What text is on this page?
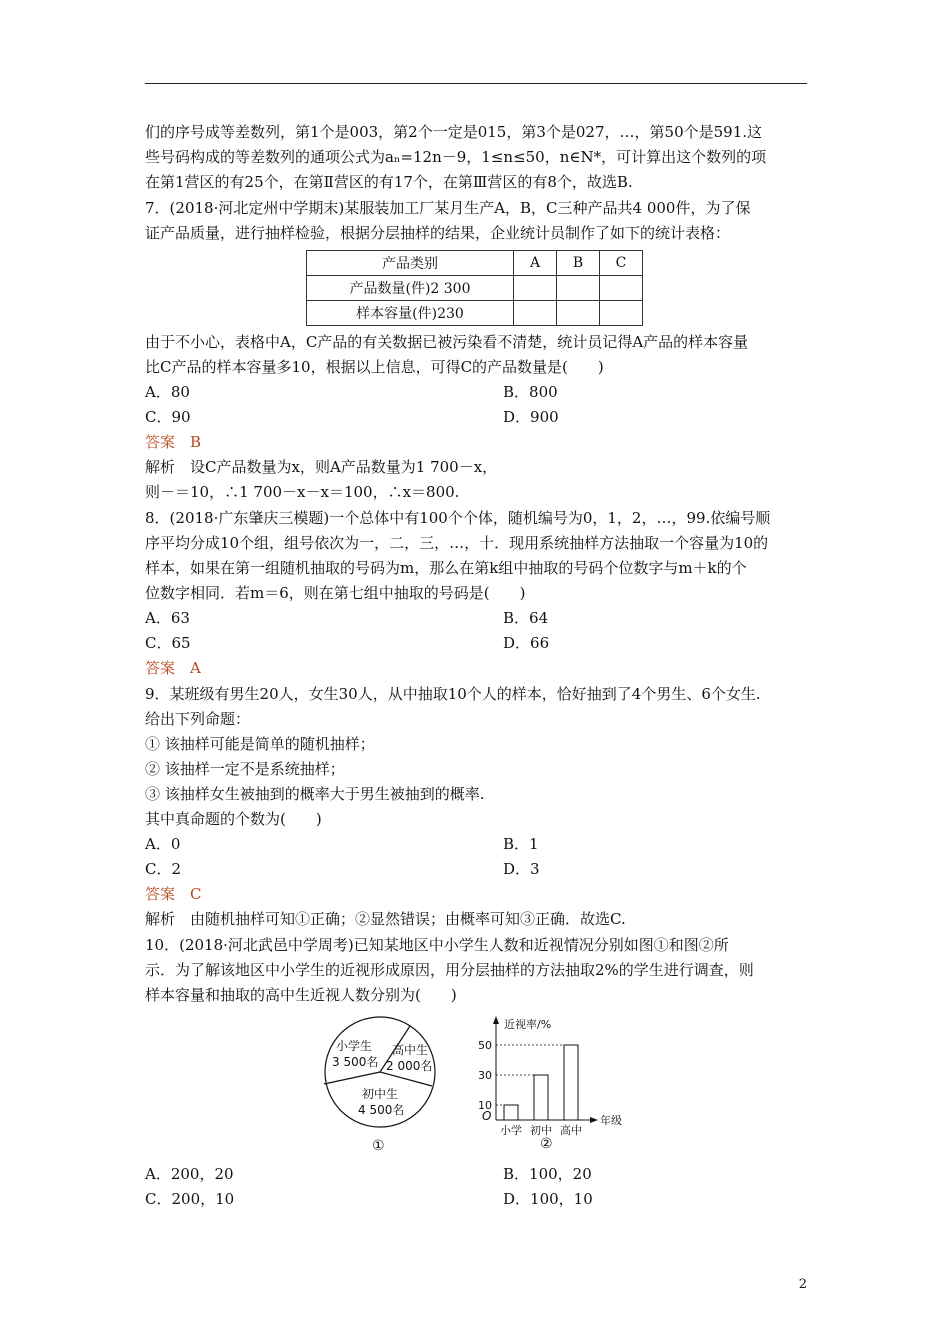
们的序号成等差数列，第1个是003，第2个一定是015，第3个是027，…，第50个是591.这
些号码构成的等差数列的通项公式为aₙ=12n－9，1≤n≤50，n∈N*，可计算出这个数列的项
在第1营区的有25个，在第Ⅱ营区的有17个，在第Ⅲ营区的有8个，故选B.
7．(2018·河北定州中学期末)某服装加工厂某月生产A，B，C三种产品共4 000件，为了保
证产品质量，进行抽样检验，根据分层抽样的结果，企业统计员制作了如下的统计表格：
产品类别	A	B	C
产品数量(件)2 300			
样本容量(件)230			
由于不小心，表格中A，C产品的有关数据已被污染看不清楚，统计员记得A产品的样本容量
比C产品的样本容量多10，根据以上信息，可得C的产品数量是(　　)
A．80	B．800
C．90	D．900
答案　B
解析　设C产品数量为x，则A产品数量为1 700－x，
则－＝10，∴1 700－x－x＝100，∴x＝800.
8．(2018·广东肇庆三模题)一个总体中有100个个体，随机编号为0，1，2，…，99.依编号顺
序平均分成10个组，组号依次为一，二，三，…，十．现用系统抽样方法抽取一个容量为10的
样本，如果在第一组随机抽取的号码为m，那么在第k组中抽取的号码个位数字与m＋k的个
位数字相同．若m＝6，则在第七组中抽取的号码是(　　)
A．63	B．64
C．65	D．66
答案　A
9．某班级有男生20人，女生30人，从中抽取10个人的样本，恰好抽到了4个男生、6个女生.
给出下列命题：
① 该抽样可能是简单的随机抽样；
② 该抽样一定不是系统抽样；
③ 该抽样女生被抽到的概率大于男生被抽到的概率.
其中真命题的个数为(　　)
A．0	B．1
C．2	D．3
答案　C
解析　由随机抽样可知①正确；②显然错误；由概率可知③正确．故选C.
10．(2018·河北武邑中学周考)已知某地区中小学生人数和近视情况分别如图①和图②所
示．为了解该地区中小学生的近视形成原因，用分层抽样的方法抽取2%的学生进行调查，则
样本容量和抽取的高中生近视人数分别为(　　)
小学生
3 500名
高中生
2 000名
初中生
4 500名
①
近视率/%
年级
O
小学 初中 高中
10
30
50
②
A．200，20	B．100，20
C．200，10	D．100，10
2
